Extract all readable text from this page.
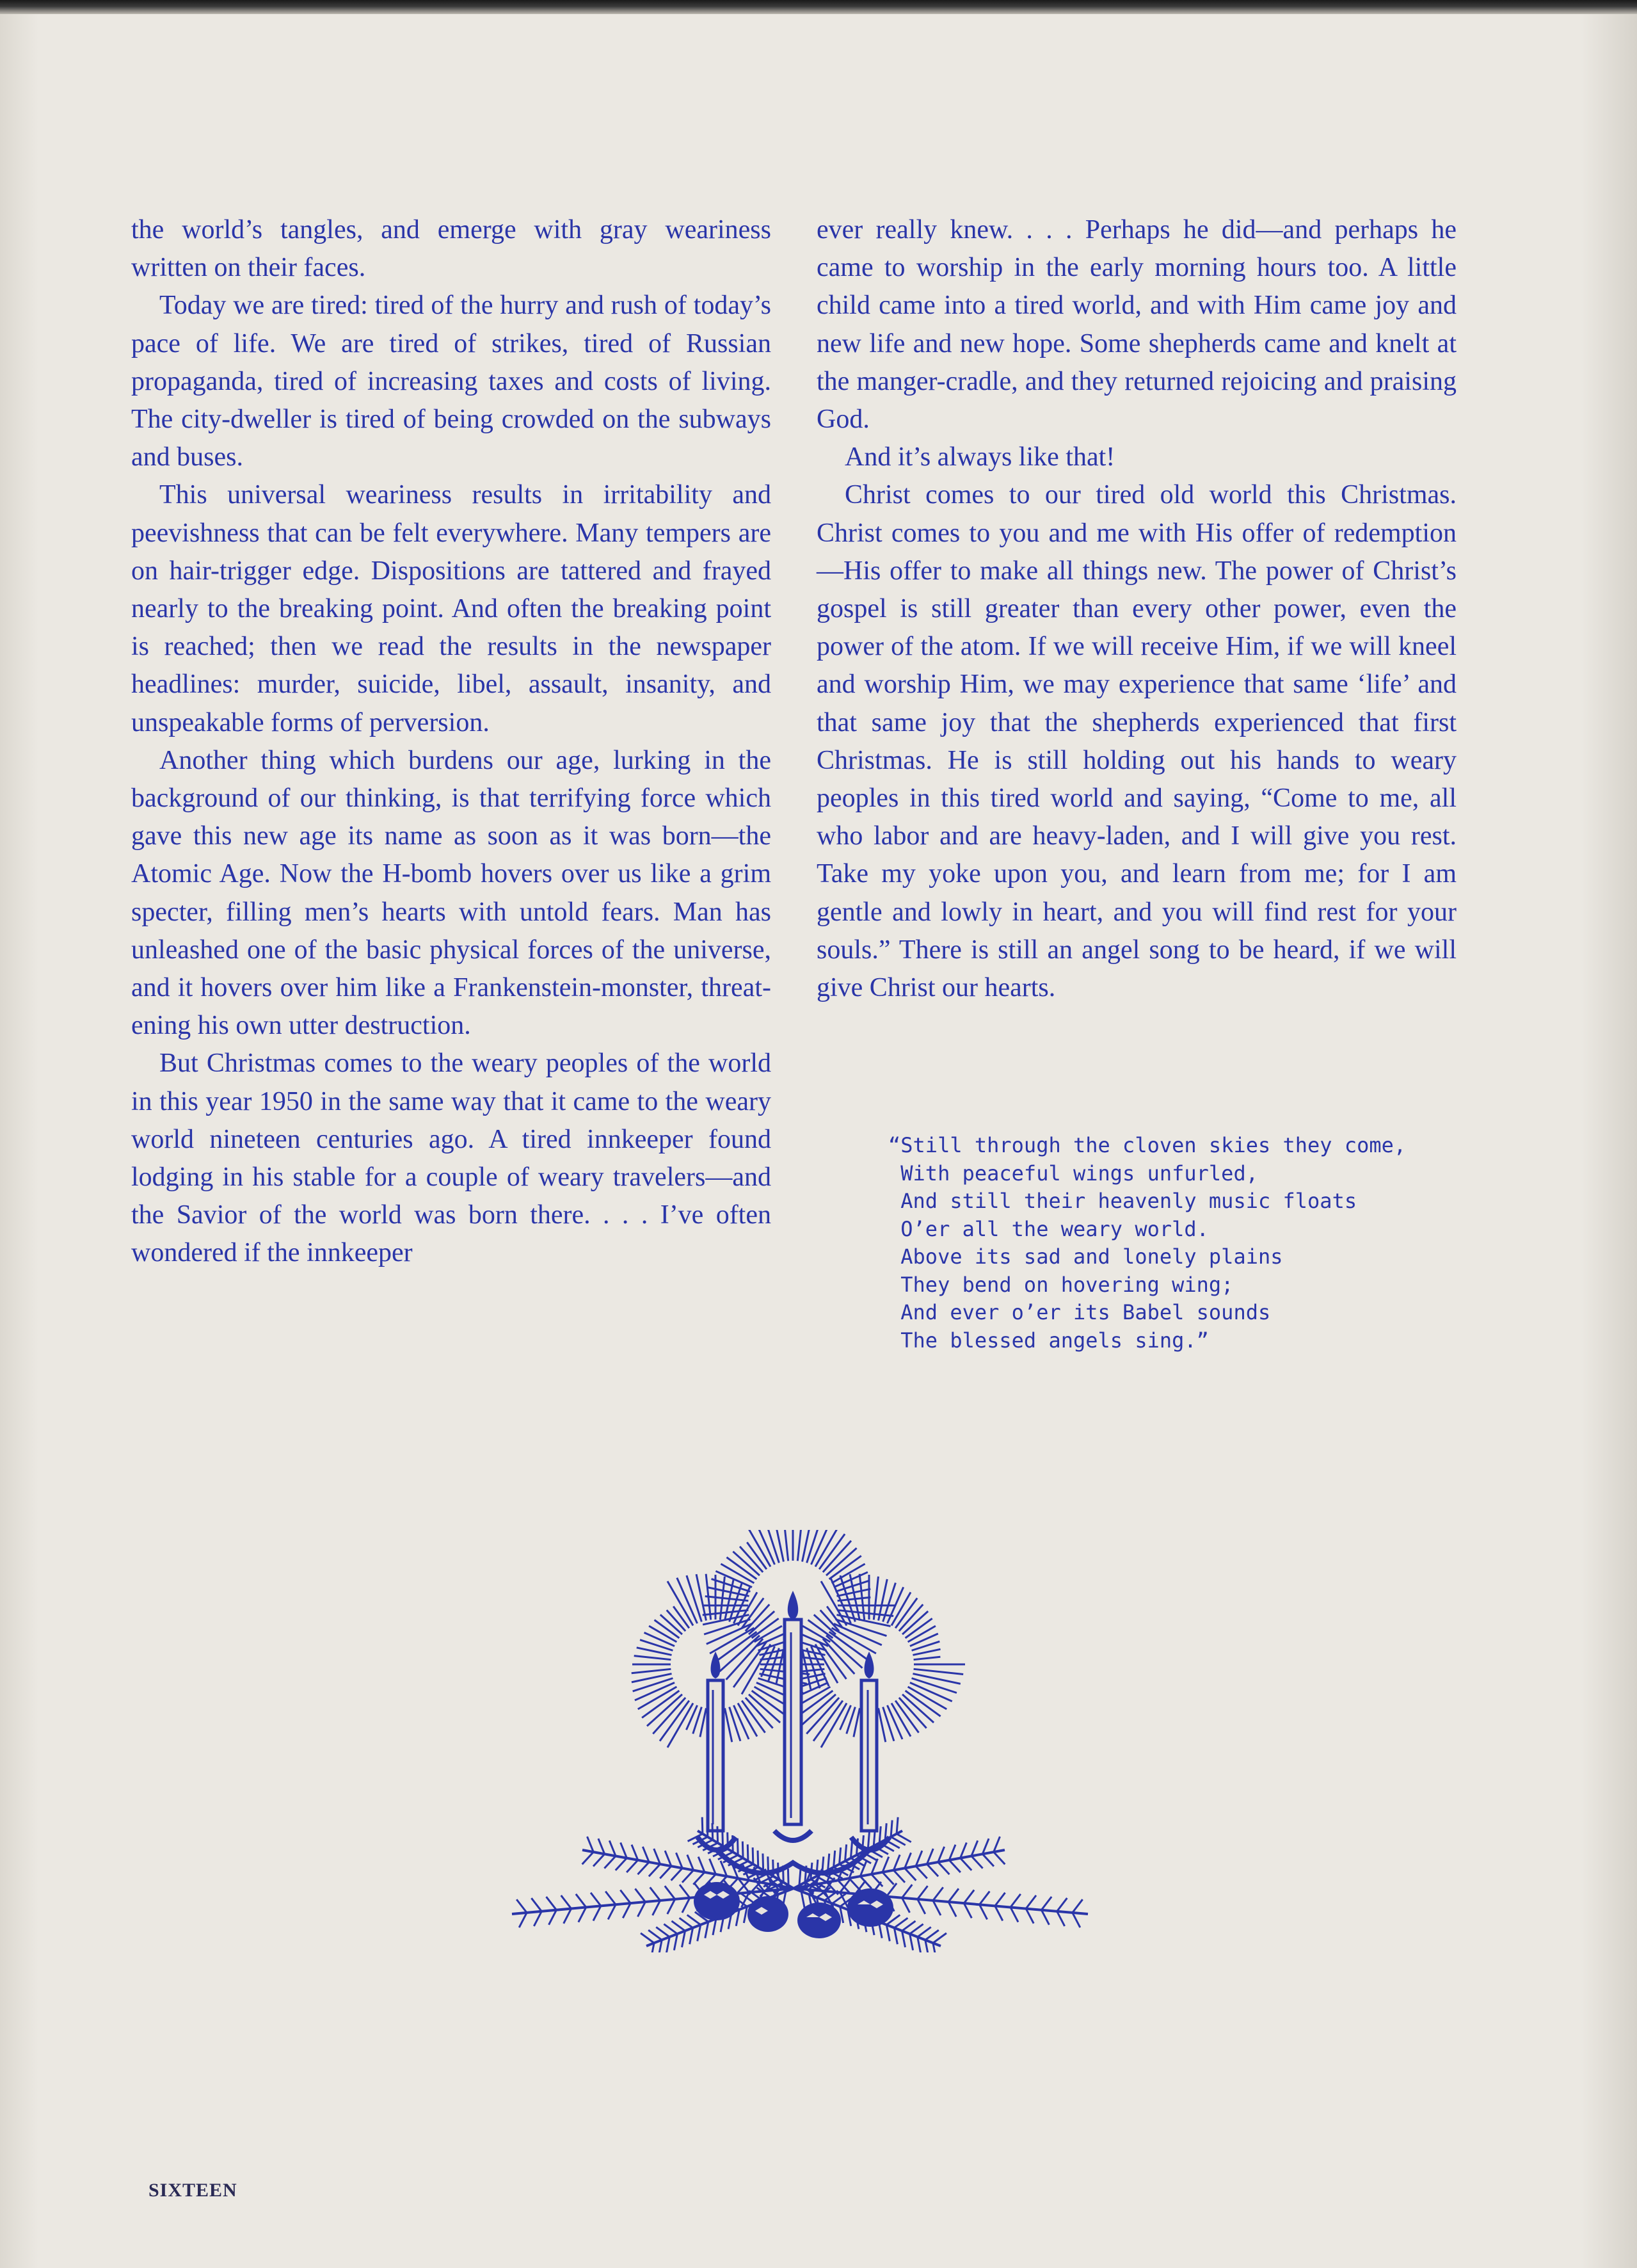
the world’s tangles, and emerge with gray weariness written on their faces.

Today we are tired: tired of the hurry and rush of today’s pace of life. We are tired of strikes, tired of Russian propaganda, tired of increasing taxes and costs of living. The city-dweller is tired of being crowded on the subways and buses.

This universal weariness results in irritability and peevishness that can be felt everywhere. Many tempers are on hair-trigger edge. Dispositions are tattered and frayed nearly to the breaking point. And often the breaking point is reached; then we read the results in the newspaper headlines: murder, suicide, libel, assault, insanity, and unspeakable forms of perversion.

Another thing which burdens our age, lurking in the background of our thinking, is that terrifying force which gave this new age its name as soon as it was born—the Atomic Age. Now the H-bomb hovers over us like a grim specter, filling men’s hearts with untold fears. Man has unleashed one of the basic physical forces of the universe, and it hovers over him like a Frankenstein-monster, threatening his own utter destruction.

But Christmas comes to the weary peoples of the world in this year 1950 in the same way that it came to the weary world nineteen centuries ago. A tired innkeeper found lodging in his stable for a couple of weary travelers—and the Savior of the world was born there. . . . I’ve often wondered if the innkeeper

ever really knew. . . . Perhaps he did—and perhaps he came to worship in the early morning hours too. A little child came into a tired world, and with Him came joy and new life and new hope. Some shepherds came and knelt at the manger-cradle, and they returned rejoicing and praising God.

And it’s always like that!

Christ comes to our tired old world this Christmas. Christ comes to you and me with His offer of redemption—His offer to make all things new. The power of Christ’s gospel is still greater than every other power, even the power of the atom. If we will receive Him, if we will kneel and worship Him, we may experience that same ‘life’ and that same joy that the shepherds experienced that first Christmas. He is still holding out his hands to weary peoples in this tired world and saying, “Come to me, all who labor and are heavy-laden, and I will give you rest. Take my yoke upon you, and learn from me; for I am gentle and lowly in heart, and you will find rest for your souls.” There is still an angel song to be heard, if we will give Christ our hearts.

“Still through the cloven skies they come,
With peaceful wings unfurled,
And still their heavenly music floats
O’er all the weary world.
Above its sad and lonely plains
They bend on hovering wing;
And ever o’er its Babel sounds
The blessed angels sing.”
SIXTEEN
